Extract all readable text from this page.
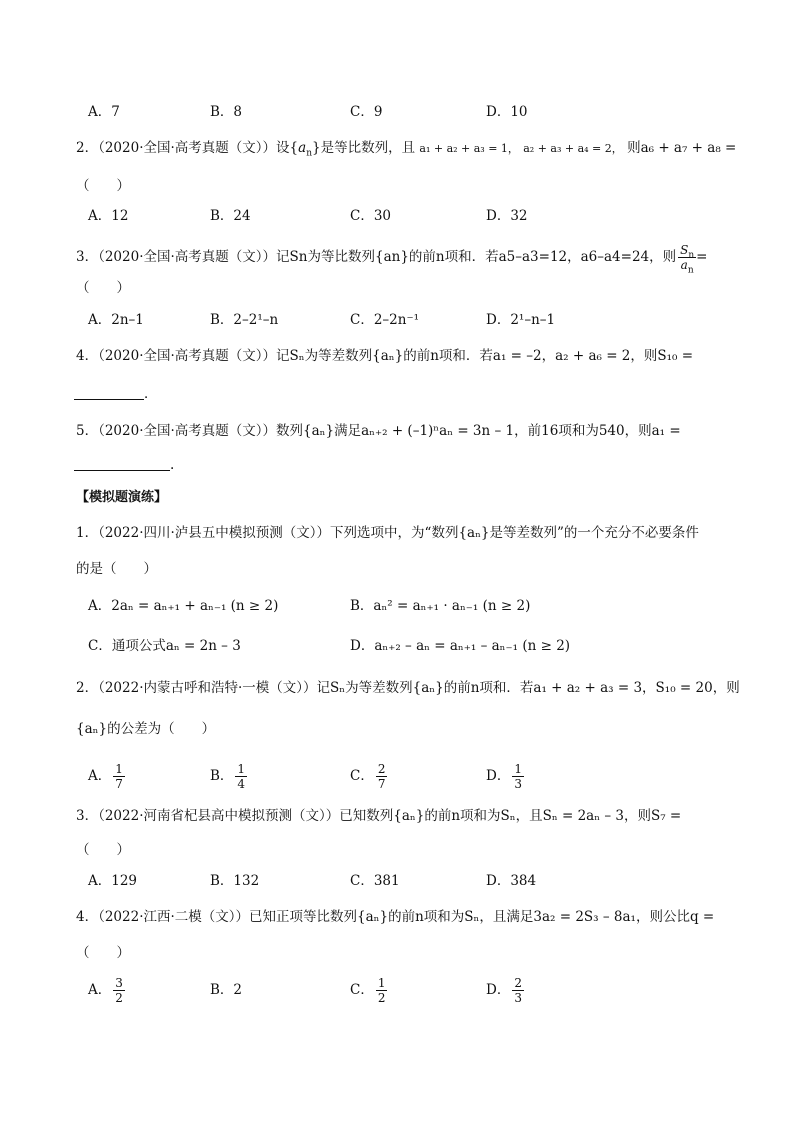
A．7	B．8	C．9	D．10
2．（2020·全国·高考真题（文））设$\{a_n\}$是等比数列，且 a₁ + a₂ + a₃ = 1， a₂ + a₃ + a₄ = 2， 则a₆ + a₇ + a₈ =
（　　）
A．12	B．24	C．30	D．32
3．（2020·全国·高考真题（文））记Sn为等比数列{an}的前n项和．若a5–a3=12，a6–a4=24，则 $\frac{S_n}{a_n}$ =
（　　）
A．2n–1	B．2–2¹–n	C．2–2n⁻¹	D．2¹–n–1
4．（2020·全国·高考真题（文））记Sₙ为等差数列{aₙ}的前n项和．若a₁ = –2，a₂ + a₆ = 2，则S₁₀ =
．
5．（2020·全国·高考真题（文））数列{aₙ}满足aₙ₊₂ + (–1)ⁿaₙ = 3n – 1，前16项和为540，则a₁ =
.
【模拟题演练】
1．（2022·四川·泸县五中模拟预测（文））下列选项中，为“数列{aₙ}是等差数列”的一个充分不必要条件
的是（　　）
A．2aₙ = aₙ₊₁ + aₙ₋₁ (n ≥ 2)	B．aₙ² = aₙ₊₁ · aₙ₋₁ (n ≥ 2)
C．通项公式aₙ = 2n – 3	D．aₙ₊₂ – aₙ = aₙ₊₁ – aₙ₋₁ (n ≥ 2)
2．（2022·内蒙古呼和浩特·一模（文））记Sₙ为等差数列{aₙ}的前n项和．若a₁ + a₂ + a₃ = 3，S₁₀ = 20，则
{aₙ}的公差为（　　）
A． $\frac{1}{7}$	B． $\frac{1}{4}$	C． $\frac{2}{7}$	D． $\frac{1}{3}$
3．（2022·河南省杞县高中模拟预测（文））已知数列{aₙ}的前n项和为Sₙ，且Sₙ = 2aₙ – 3，则S₇ =
（　　）
A．129	B．132	C．381	D．384
4．（2022·江西·二模（文））已知正项等比数列{aₙ}的前n项和为Sₙ，且满足3a₂ = 2S₃ – 8a₁，则公比q =
（　　）
A． $\frac{3}{2}$	B．2	C． $\frac{1}{2}$	D． $\frac{2}{3}$
